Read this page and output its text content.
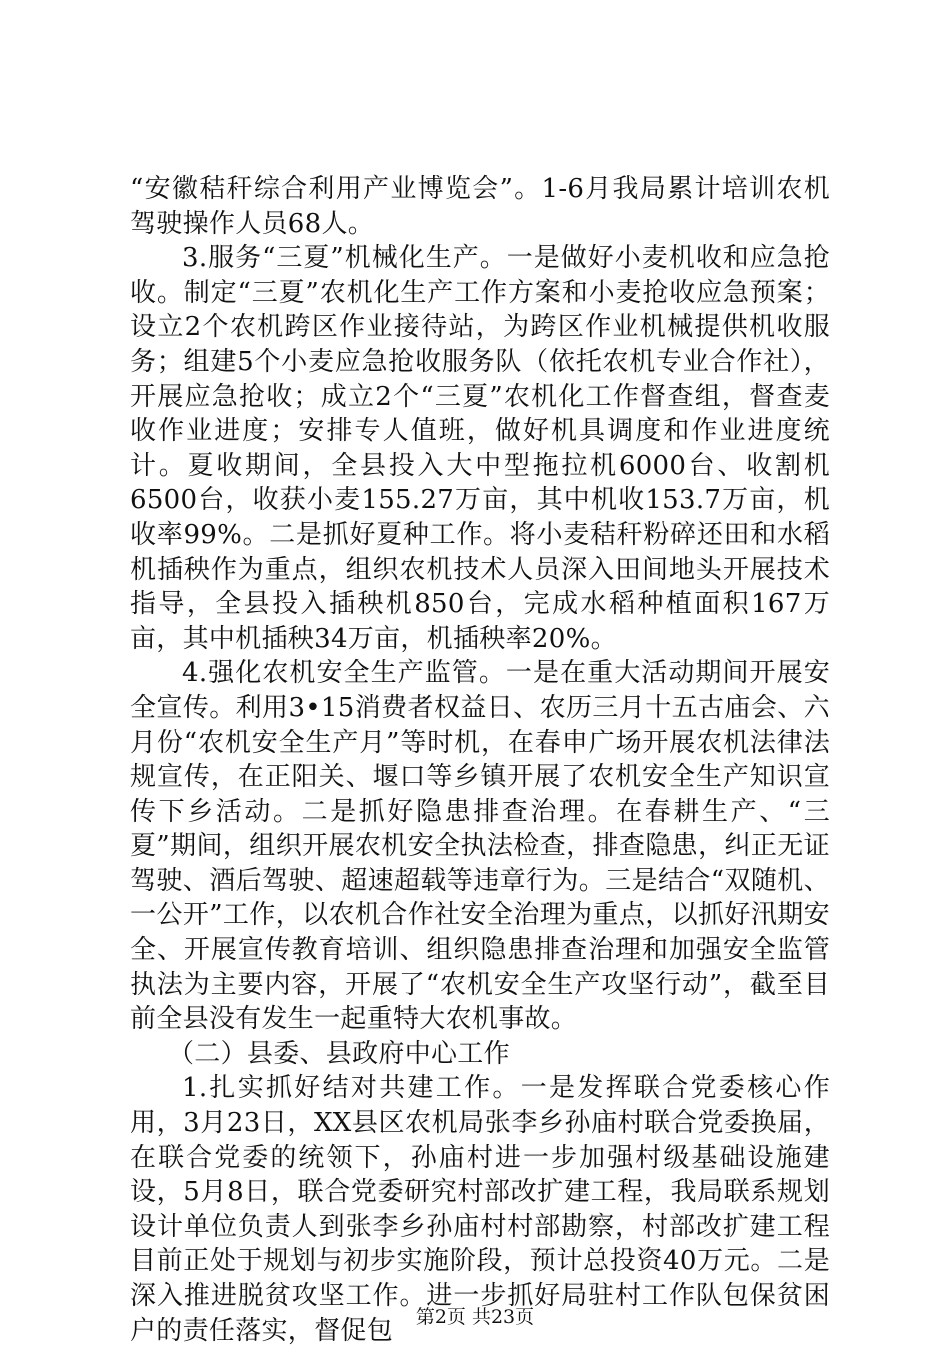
“安徽秸秆综合利用产业博览会”。1-6月我局累计培训农机驾驶操作人员68人。

3.服务“三夏”机械化生产。一是做好小麦机收和应急抢收。制定“三夏”农机化生产工作方案和小麦抢收应急预案；设立2个农机跨区作业接待站，为跨区作业机械提供机收服务；组建5个小麦应急抢收服务队（依托农机专业合作社），开展应急抢收；成立2个“三夏”农机化工作督查组，督查麦收作业进度；安排专人值班，做好机具调度和作业进度统计。夏收期间，全县投入大中型拖拉机6000台、收割机6500台，收获小麦155.27万亩，其中机收153.7万亩，机收率99%。二是抓好夏种工作。将小麦秸秆粉碎还田和水稻机插秧作为重点，组织农机技术人员深入田间地头开展技术指导，全县投入插秧机850台，完成水稻种植面积167万亩，其中机插秧34万亩，机插秧率20%。

4.强化农机安全生产监管。一是在重大活动期间开展安全宣传。利用3•15消费者权益日、农历三月十五古庙会、六月份“农机安全生产月”等时机，在春申广场开展农机法律法规宣传，在正阳关、堰口等乡镇开展了农机安全生产知识宣传下乡活动。二是抓好隐患排查治理。在春耕生产、“三夏”期间，组织开展农机安全执法检查，排查隐患，纠正无证驾驶、酒后驾驶、超速超载等违章行为。三是结合“双随机、一公开”工作，以农机合作社安全治理为重点，以抓好汛期安全、开展宣传教育培训、组织隐患排查治理和加强安全监管执法为主要内容，开展了“农机安全生产攻坚行动”，截至目前全县没有发生一起重特大农机事故。

（二）县委、县政府中心工作

1.扎实抓好结对共建工作。一是发挥联合党委核心作用，3月23日，XX县区农机局张李乡孙庙村联合党委换届，在联合党委的统领下，孙庙村进一步加强村级基础设施建设，5月8日，联合党委研究村部改扩建工程，我局联系规划设计单位负责人到张李乡孙庙村村部勘察，村部改扩建工程目前正处于规划与初步实施阶段，预计总投资40万元。二是深入推进脱贫攻坚工作。进一步抓好局驻村工作队包保贫困户的责任落实，督促包	第2页 共23页
